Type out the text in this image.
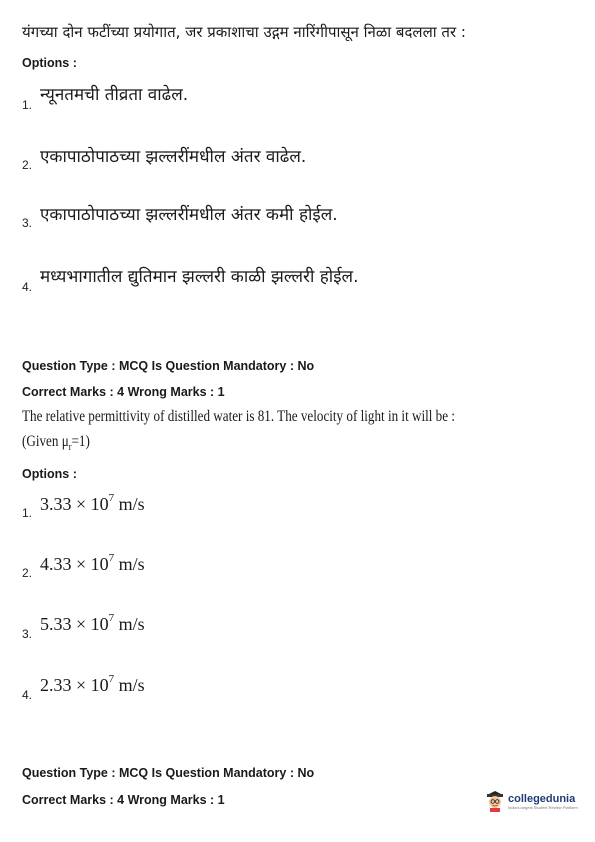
यंगच्या दोन फटींच्या प्रयोगात, जर प्रकाशाचा उद्गम नारिंगीपासून निळा बदलला तर :
Options :
1. न्यूनतमची तीव्रता वाढेल.
2. एकापाठोपाठच्या झल्लरींमधील अंतर वाढेल.
3. एकापाठोपाठच्या झल्लरींमधील अंतर कमी होईल.
4. मध्यभागातील द्युतिमान झल्लरी काळी झल्लरी होईल.
Question Type : MCQ Is Question Mandatory : No
Correct Marks : 4 Wrong Marks : 1
The relative permittivity of distilled water is 81. The velocity of light in it will be :
(Given $\mu_r=1$)
Options :
1. $3.33 \times 10^7$ m/s
2. $4.33 \times 10^7$ m/s
3. $5.33 \times 10^7$ m/s
4. $2.33 \times 10^7$ m/s
Question Type : MCQ Is Question Mandatory : No
Correct Marks : 4 Wrong Marks : 1	collegedunia
India's largest Student Review Platform
